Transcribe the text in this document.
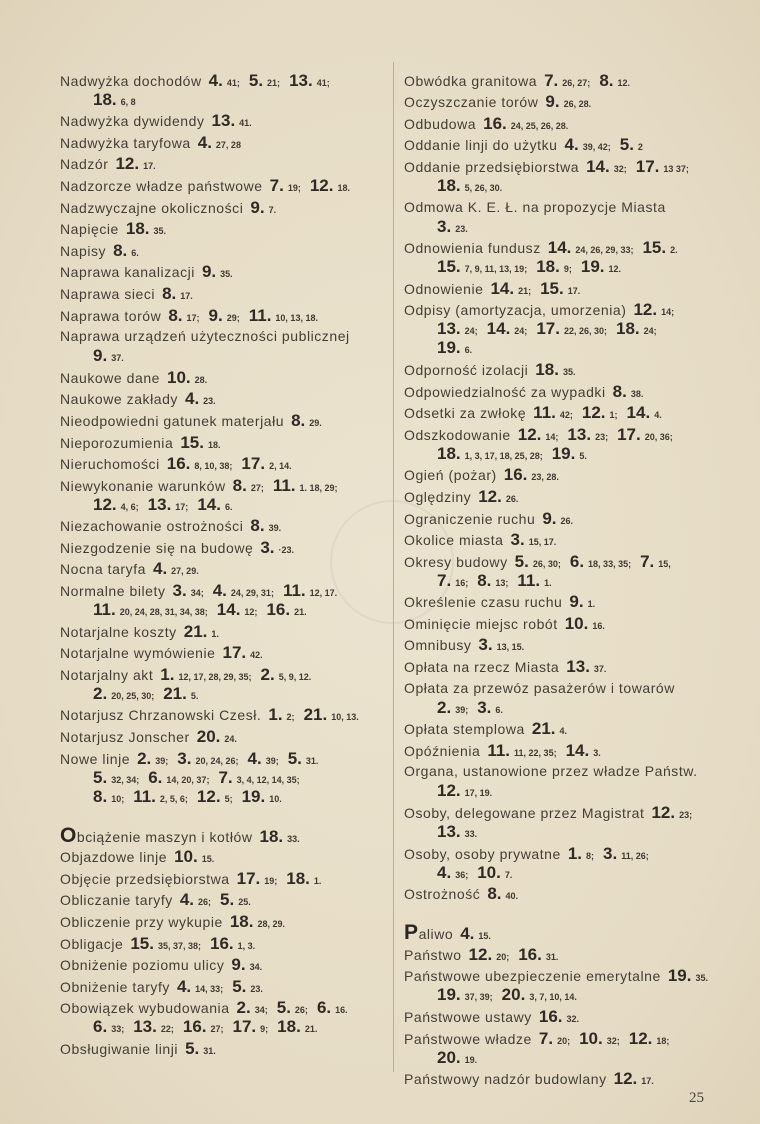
Nadwyżka dochodów 4. 41; 5. 21; 13. 41;
18. 6, 8
Nadwyżka dywidendy 13. 41.
Nadwyżka taryfowa 4. 27, 28
Nadzór 12. 17.
Nadzorcze władze państwowe 7. 19; 12. 18.
Nadzwyczajne okoliczności 9. 7.
Napięcie 18. 35.
Napisy 8. 6.
Naprawa kanalizacji 9. 35.
Naprawa sieci 8. 17.
Naprawa torów 8. 17; 9. 29; 11. 10, 13, 18.
Naprawa urządzeń użyteczności publicznej
9. 37.
Naukowe dane 10. 28.
Naukowe zakłady 4. 23.
Nieodpowiedni gatunek materjału 8. 29.
Nieporozumienia 15. 18.
Nieruchomości 16. 8, 10, 38; 17. 2, 14.
Niewykonanie warunków 8. 27; 11. 1. 18, 29;
12. 4, 6; 13. 17; 14. 6.
Niezachowanie ostrożności 8. 39.
Niezgodzenie się na budowę 3. ·23.
Nocna taryfa 4. 27, 29.
Normalne bilety 3. 34; 4. 24, 29, 31; 11. 12, 17.
11. 20, 24, 28, 31, 34, 38; 14. 12; 16. 21.
Notarjalne koszty 21. 1.
Notarjalne wymówienie 17. 42.
Notarjalny akt 1. 12, 17, 28, 29, 35; 2. 5, 9, 12.
2. 20, 25, 30; 21. 5.
Notarjusz Chrzanowski Czesł. 1. 2; 21. 10, 13.
Notarjusz Jonscher 20. 24.
Nowe linje 2. 39; 3. 20, 24, 26; 4. 39; 5. 31.
5. 32, 34; 6. 14, 20, 37; 7. 3, 4, 12, 14, 35;
8. 10; 11. 2, 5, 6; 12. 5; 19. 10.
Obciążenie maszyn i kotłów 18. 33.
Objazdowe linje 10. 15.
Objęcie przedsiębiorstwa 17. 19; 18. 1.
Obliczanie taryfy 4. 26; 5. 25.
Obliczenie przy wykupie 18. 28, 29.
Obligacje 15. 35, 37, 38; 16. 1, 3.
Obniżenie poziomu ulicy 9. 34.
Obniżenie taryfy 4. 14, 33; 5. 23.
Obowiązek wybudowania 2. 34; 5. 26; 6. 16.
6. 33; 13. 22; 16. 27; 17. 9; 18. 21.
Obsługiwanie linji 5. 31.
Obwódka granitowa 7. 26, 27; 8. 12.
Oczyszczanie torów 9. 26, 28.
Odbudowa 16. 24, 25, 26, 28.
Oddanie linji do użytku 4. 39, 42; 5. 2
Oddanie przedsiębiorstwa 14. 32; 17. 13 37;
18. 5, 26, 30.
Odmowa K. E. Ł. na propozycje Miasta
3. 23.
Odnowienia fundusz 14. 24, 26, 29, 33; 15. 2.
15. 7, 9, 11, 13, 19; 18. 9; 19. 12.
Odnowienie 14. 21; 15. 17.
Odpisy (amortyzacja, umorzenia) 12. 14;
13. 24; 14. 24; 17. 22, 26, 30; 18. 24;
19. 6.
Odporność izolacji 18. 35.
Odpowiedzialność za wypadki 8. 38.
Odsetki za zwłokę 11. 42; 12. 1; 14. 4.
Odszkodowanie 12. 14; 13. 23; 17. 20, 36;
18. 1, 3, 17, 18, 25, 28; 19. 5.
Ogień (pożar) 16. 23, 28.
Oględziny 12. 26.
Ograniczenie ruchu 9. 26.
Okolice miasta 3. 15, 17.
Okresy budowy 5. 26, 30; 6. 18, 33, 35; 7. 15,
7. 16; 8. 13; 11. 1.
Określenie czasu ruchu 9. 1.
Ominięcie miejsc robót 10. 16.
Omnibusy 3. 13, 15.
Opłata na rzecz Miasta 13. 37.
Opłata za przewóz pasażerów i towarów
2. 39; 3. 6.
Opłata stemplowa 21. 4.
Opóźnienia 11. 11, 22, 35; 14. 3.
Organa, ustanowione przez władze Państw.
12. 17, 19.
Osoby, delegowane przez Magistrat 12. 23;
13. 33.
Osoby, osoby prywatne 1. 8; 3. 11, 26;
4. 36; 10. 7.
Ostrożność 8. 40.
Paliwo 4. 15.
Państwo 12. 20; 16. 31.
Państwowe ubezpieczenie emerytalne 19. 35.
19. 37, 39; 20. 3, 7, 10, 14.
Państwowe ustawy 16. 32.
Państwowe władze 7. 20; 10. 32; 12. 18;
20. 19.
Państwowy nadzór budowlany 12. 17.
25
